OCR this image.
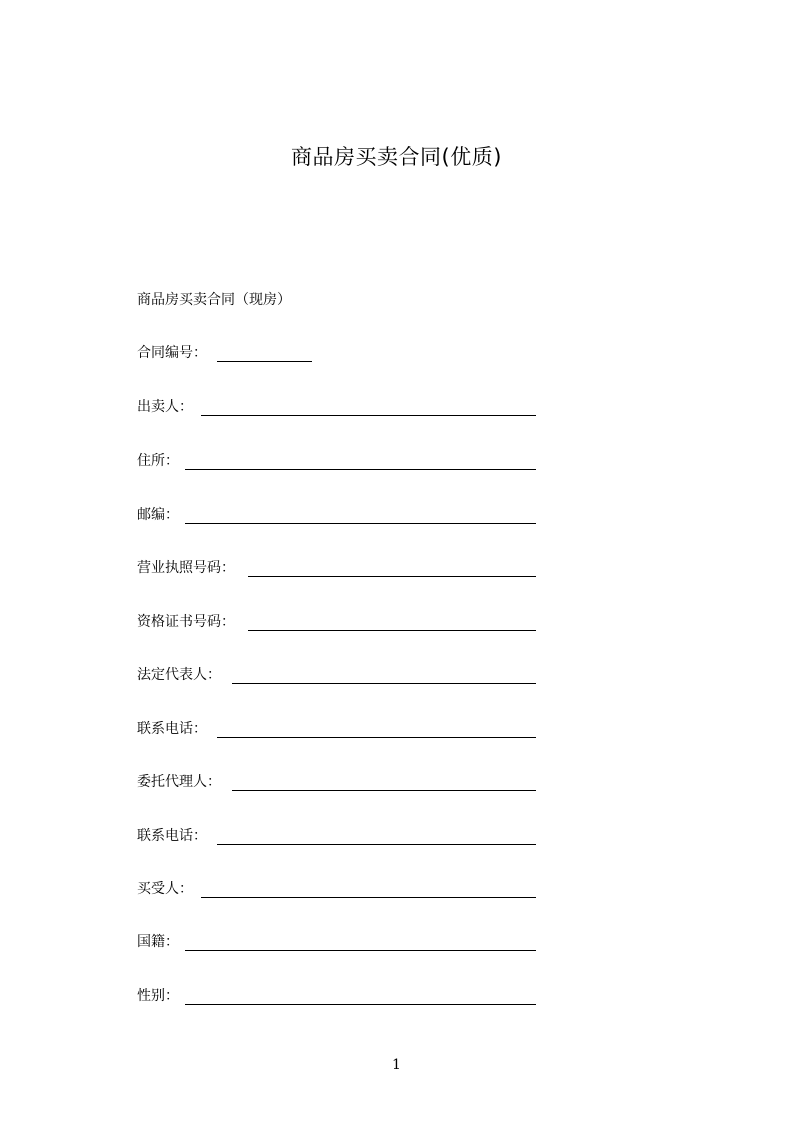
商品房买卖合同(优质)
商品房买卖合同（现房）
合同编号：
出卖人：
住所：
邮编：
营业执照号码：
资格证书号码：
法定代表人：
联系电话：
委托代理人：
联系电话：
买受人：
国籍：
性别：
1
